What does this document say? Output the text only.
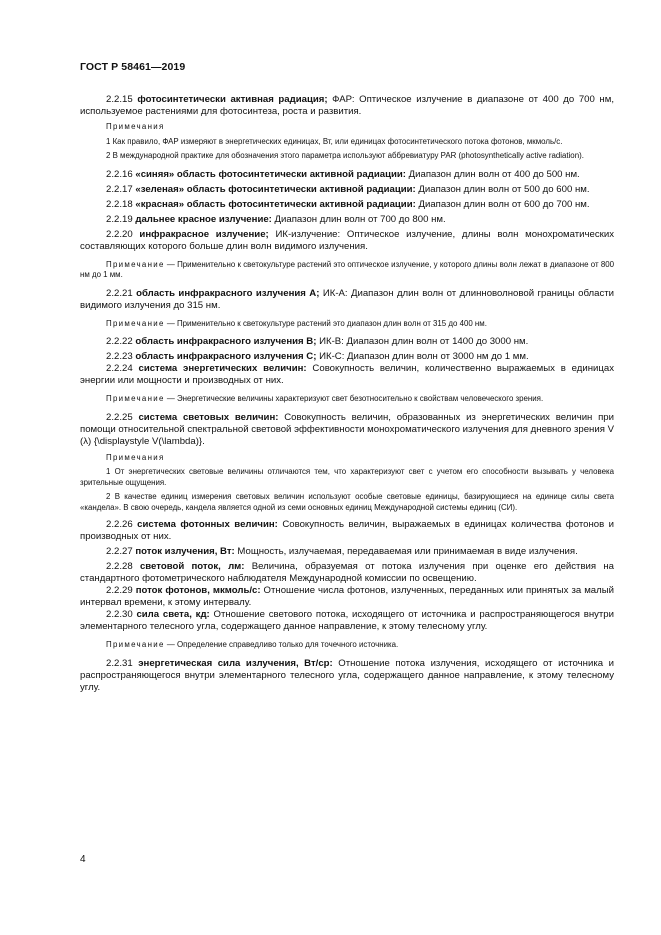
ГОСТ Р 58461—2019

2.2.15 фотосинтетически активная радиация; ФАР: Оптическое излучение в диапазоне от 400 до 700 нм, используемое растениями для фотосинтеза, роста и развития.

Примечания

1 Как правило, ФАР измеряют в энергетических единицах, Вт, или единицах фотосинтетического потока фотонов, мкмоль/с.

2 В международной практике для обозначения этого параметра используют аббревиатуру PAR (photosynthetically active radiation).

2.2.16 «синяя» область фотосинтетически активной радиации: Диапазон длин волн от 400 до 500 нм.

2.2.17 «зеленая» область фотосинтетически активной радиации: Диапазон длин волн от 500 до 600 нм.

2.2.18 «красная» область фотосинтетически активной радиации: Диапазон длин волн от 600 до 700 нм.

2.2.19 дальнее красное излучение: Диапазон длин волн от 700 до 800 нм.

2.2.20 инфракрасное излучение; ИК-излучение: Оптическое излучение, длины волн монохроматических составляющих которого больше длин волн видимого излучения.

Примечание — Применительно к светокультуре растений это оптическое излучение, у которого длины волн лежат в диапазоне от 800 нм до 1 мм.

2.2.21 область инфракрасного излучения А; ИК-А: Диапазон длин волн от длинноволновой границы области видимого излучения до 315 нм.

Примечание — Применительно к светокультуре растений это диапазон длин волн от 315 до 400 нм.

2.2.22 область инфракрасного излучения В; ИК-В: Диапазон длин волн от 1400 до 3000 нм.

2.2.23 область инфракрасного излучения С; ИК-С: Диапазон длин волн от 3000 нм до 1 мм.

2.2.24 система энергетических величин: Совокупность величин, количественно выражаемых в единицах энергии или мощности и производных от них.

Примечание — Энергетические величины характеризуют свет безотносительно к свойствам человеческого зрения.

2.2.25 система световых величин: Совокупность величин, образованных из энергетических величин при помощи относительной спектральной световой эффективности монохроматического излучения для дневного зрения V (λ) {\displaystyle V(\lambda)}.

Примечания

1 От энергетических световые величины отличаются тем, что характеризуют свет с учетом его способности вызывать у человека зрительные ощущения.

2 В качестве единиц измерения световых величин используют особые световые единицы, базирующиеся на единице силы света «кандела». В свою очередь, кандела является одной из семи основных единиц Международной системы единиц (СИ).

2.2.26 система фотонных величин: Совокупность величин, выражаемых в единицах количества фотонов и производных от них.

2.2.27 поток излучения, Вт: Мощность, излучаемая, передаваемая или принимаемая в виде излучения.

2.2.28 световой поток, лм: Величина, образуемая от потока излучения при оценке его действия на стандартного фотометрического наблюдателя Международной комиссии по освещению.

2.2.29 поток фотонов, мкмоль/с: Отношение числа фотонов, излученных, переданных или принятых за малый интервал времени, к этому интервалу.

2.2.30 сила света, кд: Отношение светового потока, исходящего от источника и распространяющегося внутри элементарного телесного угла, содержащего данное направление, к этому телесному углу.

Примечание — Определение справедливо только для точечного источника.

2.2.31 энергетическая сила излучения, Вт/ср: Отношение потока излучения, исходящего от источника и распространяющегося внутри элементарного телесного угла, содержащего данное направление, к этому телесному углу.

4
